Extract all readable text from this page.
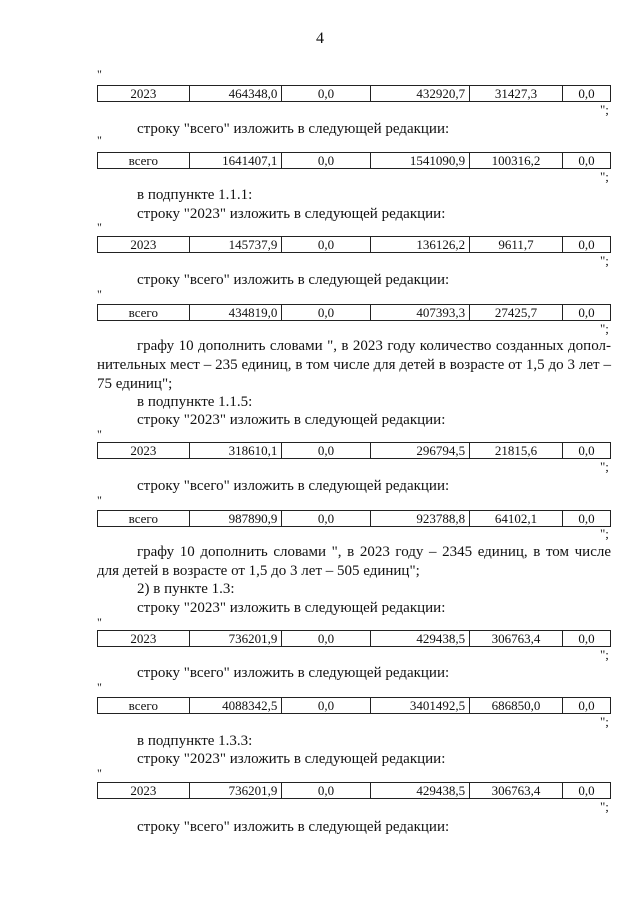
4
"
2023	464348,0	0,0	432920,7	31427,3	0,0
";
строку "всего" изложить в следующей редакции:
"
всего	1641407,1	0,0	1541090,9	100316,2	0,0
";
в подпункте 1.1.1:
строку "2023" изложить в следующей редакции:
"
2023	145737,9	0,0	136126,2	9611,7	0,0
";
строку "всего" изложить в следующей редакции:
"
всего	434819,0	0,0	407393,3	27425,7	0,0
";
графу 10 дополнить словами ", в 2023 году количество созданных допол-
нительных мест – 235 единиц, в том числе для детей в возрасте от 1,5 до 3 лет –
75 единиц";
в подпункте 1.1.5:
строку "2023" изложить в следующей редакции:
"
2023	318610,1	0,0	296794,5	21815,6	0,0
";
строку "всего" изложить в следующей редакции:
"
всего	987890,9	0,0	923788,8	64102,1	0,0
";
графу 10 дополнить словами ", в 2023 году – 2345 единиц, в том числе
для детей в возрасте от 1,5 до 3 лет – 505 единиц";
2) в пункте 1.3:
строку "2023" изложить в следующей редакции:
"
2023	736201,9	0,0	429438,5	306763,4	0,0
";
строку "всего" изложить в следующей редакции:
"
всего	4088342,5	0,0	3401492,5	686850,0	0,0
";
в подпункте 1.3.3:
строку "2023" изложить в следующей редакции:
"
2023	736201,9	0,0	429438,5	306763,4	0,0
";
строку "всего" изложить в следующей редакции:
